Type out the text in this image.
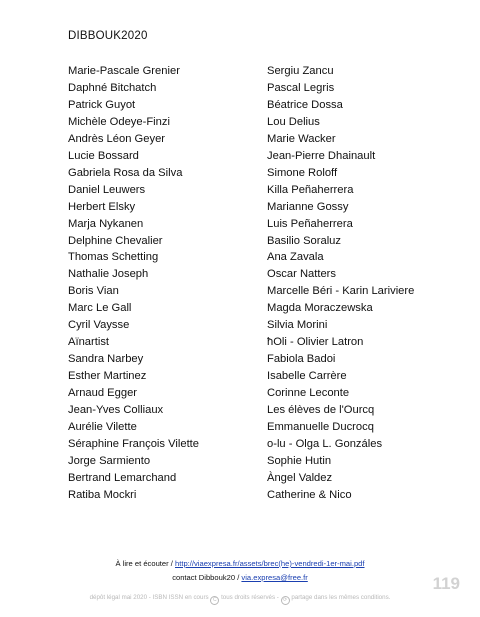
DIBBOUK2020
Marie-Pascale Grenier
Daphné Bitchatch
Patrick Guyot
Michèle Odeye-Finzi
Andrès Léon Geyer
Lucie Bossard
Gabriela Rosa da Silva
Daniel Leuwers
Herbert Elsky
Marja Nykanen
Delphine Chevalier
Thomas Schetting
Nathalie Joseph
Boris Vian
Marc Le Gall
Cyril Vaysse
Aïnartist
Sandra Narbey
Esther Martinez
Arnaud Egger
Jean-Yves Colliaux
Aurélie Vilette
Séraphine François Vilette
Jorge Sarmiento
Bertrand Lemarchand
Ratiba Mockri
Sergiu Zancu
Pascal Legris
Béatrice Dossa
Lou Delius
Marie Wacker
Jean-Pierre Dhainault
Simone Roloff
Killa Peñaherrera
Marianne Gossy
Luis Peñaherrera
Basilio Soraluz
Ana Zavala
Oscar Natters
Marcelle Béri - Karin Lariviere
Magda Moraczewska
Silvia Morini
ħOli - Olivier Latron
Fabiola Badoi
Isabelle Carrère
Corinne Leconte
Les élèves de l'Ourcq
Emmanuelle Ducrocq
o-lu - Olga L. Gonzáles
Sophie Hutin
Àngel Valdez
Catherine & Nico
À lire et écouter / http://viaexpresa.fr/assets/brec(he)-vendredi-1er-mai.pdf
contact Dibbouk20 / via.expresa@free.fr
dépôt légal mai 2020 - ISBN ISSN en cours C tous droits réservés - ⟳ partage dans les mêmes conditions.
119
